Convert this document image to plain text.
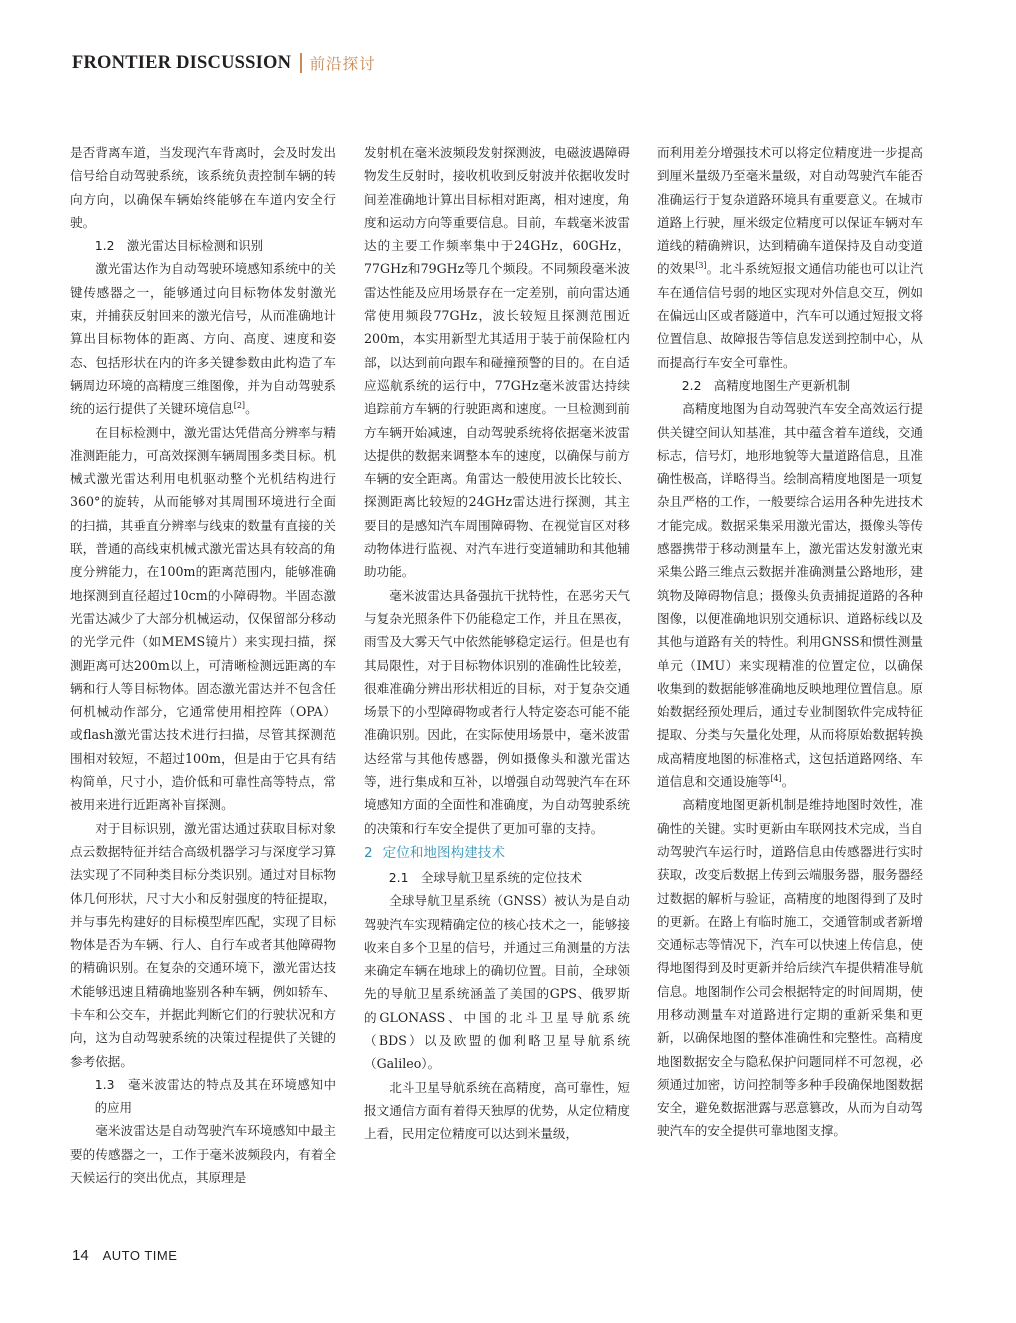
FRONTIER DISCUSSION 前沿探讨

是否背离车道，当发现汽车背离时，会及时发出信号给自动驾驶系统，该系统负责控制车辆的转向方向，以确保车辆始终能够在车道内安全行驶。

1.2　激光雷达目标检测和识别

激光雷达作为自动驾驶环境感知系统中的关键传感器之一，能够通过向目标物体发射激光束，并捕获反射回来的激光信号，从而准确地计算出目标物体的距离、方向、高度、速度和姿态、包括形状在内的许多关键参数由此构造了车辆周边环境的高精度三维图像，并为自动驾驶系统的运行提供了关键环境信息[2]。

在目标检测中，激光雷达凭借高分辨率与精准测距能力，可高效探测车辆周围多类目标。机械式激光雷达利用电机驱动整个光机结构进行360°的旋转，从而能够对其周围环境进行全面的扫描，其垂直分辨率与线束的数量有直接的关联，普通的高线束机械式激光雷达具有较高的角度分辨能力，在100m的距离范围内，能够准确地探测到直径超过10cm的小障碍物。半固态激光雷达减少了大部分机械运动，仅保留部分移动的光学元件（如MEMS镜片）来实现扫描，探测距离可达200m以上，可清晰检测远距离的车辆和行人等目标物体。固态激光雷达并不包含任何机械动作部分，它通常使用相控阵（OPA）或flash激光雷达技术进行扫描，尽管其探测范围相对较短，不超过100m，但是由于它具有结构简单，尺寸小，造价低和可靠性高等特点，常被用来进行近距离补盲探测。

对于目标识别，激光雷达通过获取目标对象点云数据特征并结合高级机器学习与深度学习算法实现了不同种类目标分类识别。通过对目标物体几何形状，尺寸大小和反射强度的特征提取，并与事先构建好的目标模型库匹配，实现了目标物体是否为车辆、行人、自行车或者其他障碍物的精确识别。在复杂的交通环境下，激光雷达技术能够迅速且精确地鉴别各种车辆，例如轿车、卡车和公交车，并据此判断它们的行驶状况和方向，这为自动驾驶系统的决策过程提供了关键的参考依据。

1.3　毫米波雷达的特点及其在环境感知中的应用

毫米波雷达是自动驾驶汽车环境感知中最主要的传感器之一，工作于毫米波频段内，有着全天候运行的突出优点，其原理是

发射机在毫米波频段发射探测波，电磁波遇障碍物发生反射时，接收机收到反射波并依据收发时间差准确地计算出目标相对距离，相对速度，角度和运动方向等重要信息。目前，车载毫米波雷达的主要工作频率集中于24GHz，60GHz，77GHz和79GHz等几个频段。不同频段毫米波雷达性能及应用场景存在一定差别，前向雷达通常使用频段77GHz，波长较短且探测范围近200m，本实用新型尤其适用于装于前保险杠内部，以达到前向跟车和碰撞预警的目的。在自适应巡航系统的运行中，77GHz毫米波雷达持续追踪前方车辆的行驶距离和速度。一旦检测到前方车辆开始减速，自动驾驶系统将依据毫米波雷达提供的数据来调整本车的速度，以确保与前方车辆的安全距离。角雷达一般使用波长比较长、探测距离比较短的24GHz雷达进行探测，其主要目的是感知汽车周围障碍物、在视觉盲区对移动物体进行监视、对汽车进行变道辅助和其他辅助功能。

毫米波雷达具备强抗干扰特性，在恶劣天气与复杂光照条件下仍能稳定工作，并且在黑夜，雨雪及大雾天气中依然能够稳定运行。但是也有其局限性，对于目标物体识别的准确性比较差，很难准确分辨出形状相近的目标，对于复杂交通场景下的小型障碍物或者行人特定姿态可能不能准确识别。因此，在实际使用场景中，毫米波雷达经常与其他传感器，例如摄像头和激光雷达等，进行集成和互补，以增强自动驾驶汽车在环境感知方面的全面性和准确度，为自动驾驶系统的决策和行车安全提供了更加可靠的支持。

2 定位和地图构建技术

2.1　全球导航卫星系统的定位技术

全球导航卫星系统（GNSS）被认为是自动驾驶汽车实现精确定位的核心技术之一，能够接收来自多个卫星的信号，并通过三角测量的方法来确定车辆在地球上的确切位置。目前，全球领先的导航卫星系统涵盖了美国的GPS、俄罗斯的GLONASS、中国的北斗卫星导航系统（BDS）以及欧盟的伽利略卫星导航系统（Galileo）。

北斗卫星导航系统在高精度，高可靠性，短报文通信方面有着得天独厚的优势，从定位精度上看，民用定位精度可以达到米量级，

而利用差分增强技术可以将定位精度进一步提高到厘米量级乃至毫米量级，对自动驾驶汽车能否准确运行于复杂道路环境具有重要意义。在城市道路上行驶，厘米级定位精度可以保证车辆对车道线的精确辨识，达到精确车道保持及自动变道的效果[3]。北斗系统短报文通信功能也可以让汽车在通信信号弱的地区实现对外信息交互，例如在偏远山区或者隧道中，汽车可以通过短报文将位置信息、故障报告等信息发送到控制中心，从而提高行车安全可靠性。

2.2　高精度地图生产更新机制

高精度地图为自动驾驶汽车安全高效运行提供关键空间认知基准，其中蕴含着车道线，交通标志，信号灯，地形地貌等大量道路信息，且准确性极高，详略得当。绘制高精度地图是一项复杂且严格的工作，一般要综合运用各种先进技术才能完成。数据采集采用激光雷达，摄像头等传感器携带于移动测量车上，激光雷达发射激光束采集公路三维点云数据并准确测量公路地形，建筑物及障碍物信息；摄像头负责捕捉道路的各种图像，以便准确地识别交通标识、道路标线以及其他与道路有关的特性。利用GNSS和惯性测量单元（IMU）来实现精准的位置定位，以确保收集到的数据能够准确地反映地理位置信息。原始数据经预处理后，通过专业制图软件完成特征提取、分类与矢量化处理，从而将原始数据转换成高精度地图的标准格式，这包括道路网络、车道信息和交通设施等[4]。

高精度地图更新机制是维持地图时效性，准确性的关键。实时更新由车联网技术完成，当自动驾驶汽车运行时，道路信息由传感器进行实时获取，改变后数据上传到云端服务器，服务器经过数据的解析与验证，高精度的地图得到了及时的更新。在路上有临时施工，交通管制或者新增交通标志等情况下，汽车可以快速上传信息，使得地图得到及时更新并给后续汽车提供精准导航信息。地图制作公司会根据特定的时间周期，使用移动测量车对道路进行定期的重新采集和更新，以确保地图的整体准确性和完整性。高精度地图数据安全与隐私保护问题同样不可忽视，必须通过加密，访问控制等多种手段确保地图数据安全，避免数据泄露与恶意篡改，从而为自动驾驶汽车的安全提供可靠地图支撑。

14 AUTO TIME
